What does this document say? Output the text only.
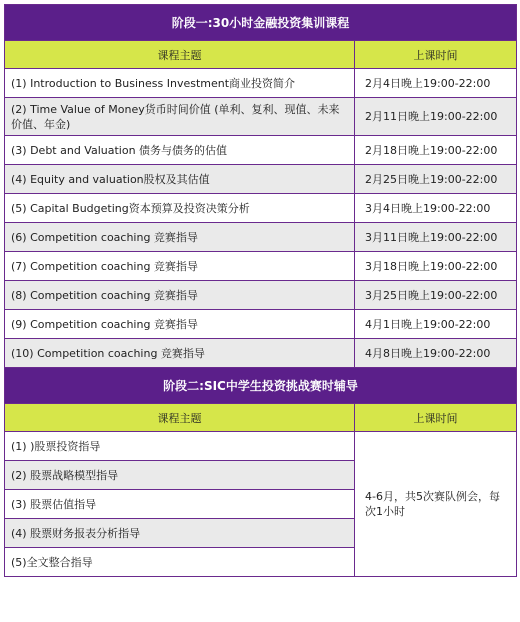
阶段一:30小时金融投资集训课程	
课程主题	上课时间
(1) Introduction to Business Investment商业投资简介	2月4日晚上19:00-22:00
(2) Time Value of Money货币时间价值 (单利、复利、现值、未来价值、年金)	2月11日晚上19:00-22:00
(3) Debt and Valuation 债务与债务的估值	2月18日晚上19:00-22:00
(4) Equity and valuation股权及其估值	2月25日晚上19:00-22:00
(5) Capital Budgeting资本预算及投资决策分析	3月4日晚上19:00-22:00
(6) Competition coaching 竞赛指导	3月11日晚上19:00-22:00
(7) Competition coaching 竞赛指导	3月18日晚上19:00-22:00
(8) Competition coaching 竞赛指导	3月25日晚上19:00-22:00
(9) Competition coaching 竞赛指导	4月1日晚上19:00-22:00
(10) Competition coaching 竞赛指导	4月8日晚上19:00-22:00
阶段二:SIC中学生投资挑战赛时辅导	
课程主题	上课时间
(1) )股票投资指导	4-6月，共5次赛队例会，每次1小时
(2) 股票战略模型指导	
(3) 股票估值指导	
(4) 股票财务报表分析指导	
(5)全文整合指导	
